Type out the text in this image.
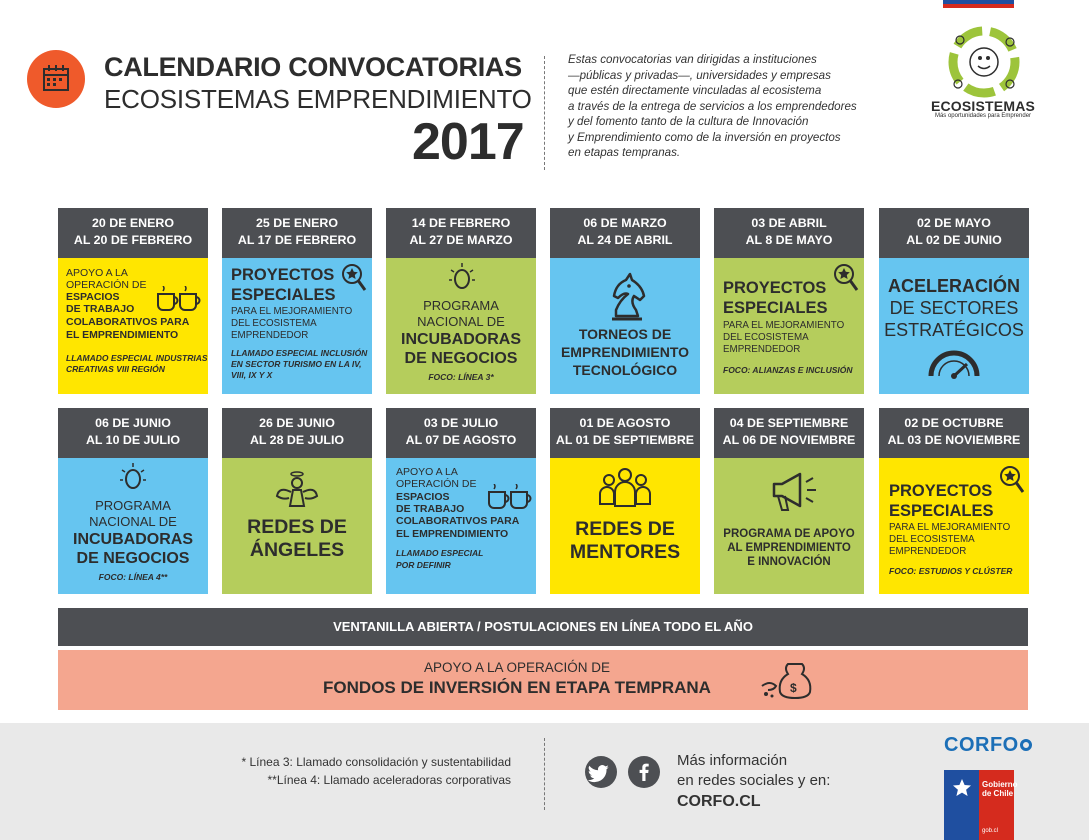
CALENDARIO CONVOCATORIAS
ECOSISTEMAS EMPRENDIMIENTO
2017
Estas convocatorias van dirigidas a instituciones
—públicas y privadas—, universidades y empresas
que estén directamente vinculadas al ecosistema
a través de la entrega de servicios a los emprendedores
y del fomento tanto de la cultura de Innovación
y Emprendimiento como de la inversión en proyectos
en etapas tempranas.
ECOSISTEMAS
Más oportunidades para Emprender
20 DE ENERO
AL 20 DE FEBRERO
APOYO A LA
OPERACIÓN DE
ESPACIOS
DE TRABAJO
COLABORATIVOS PARA
EL EMPRENDIMIENTO
LLAMADO ESPECIAL INDUSTRIAS
CREATIVAS VIII REGIÓN
25 DE ENERO
AL 17 DE FEBRERO
PROYECTOS
ESPECIALES
PARA EL MEJORAMIENTO
DEL ECOSISTEMA
EMPRENDEDOR
LLAMADO ESPECIAL INCLUSIÓN
EN SECTOR TURISMO EN LA IV,
VIII, IX Y X
14 DE FEBRERO
AL 27 DE MARZO
PROGRAMA
NACIONAL DE
INCUBADORAS
DE NEGOCIOS
FOCO: LÍNEA 3*
06 DE MARZO
AL 24 DE ABRIL
TORNEOS DE
EMPRENDIMIENTO
TECNOLÓGICO
03 DE ABRIL
AL 8 DE MAYO
PROYECTOS
ESPECIALES
PARA EL MEJORAMIENTO
DEL ECOSISTEMA
EMPRENDEDOR
FOCO: ALIANZAS E INCLUSIÓN
02 DE MAYO
AL 02 DE JUNIO
ACELERACIÓN
DE SECTORES
ESTRATÉGICOS
06 DE JUNIO
AL 10 DE JULIO
PROGRAMA
NACIONAL DE
INCUBADORAS
DE NEGOCIOS
FOCO: LÍNEA 4**
26 DE JUNIO
AL 28 DE JULIO
REDES DE
ÁNGELES
03 DE JULIO
AL 07 DE AGOSTO
APOYO A LA
OPERACIÓN DE
ESPACIOS
DE TRABAJO
COLABORATIVOS PARA
EL EMPRENDIMIENTO
LLAMADO ESPECIAL
POR DEFINIR
01 DE AGOSTO
AL 01 DE SEPTIEMBRE
REDES DE
MENTORES
04 DE SEPTIEMBRE
AL 06 DE NOVIEMBRE
PROGRAMA DE APOYO
AL EMPRENDIMIENTO
E INNOVACIÓN
02 DE OCTUBRE
AL 03 DE NOVIEMBRE
PROYECTOS
ESPECIALES
PARA EL MEJORAMIENTO
DEL ECOSISTEMA
EMPRENDEDOR
FOCO: ESTUDIOS Y CLÚSTER
VENTANILLA ABIERTA / POSTULACIONES EN LÍNEA TODO EL AÑO
APOYO A LA OPERACIÓN DE
FONDOS DE INVERSIÓN EN ETAPA TEMPRANA	$
* Línea 3: Llamado consolidación y sustentabilidad
**Línea 4: Llamado aceleradoras corporativas
Más información
en redes sociales y en:
CORFO.CL
CORFO
Gobierno
de Chile
gob.cl
